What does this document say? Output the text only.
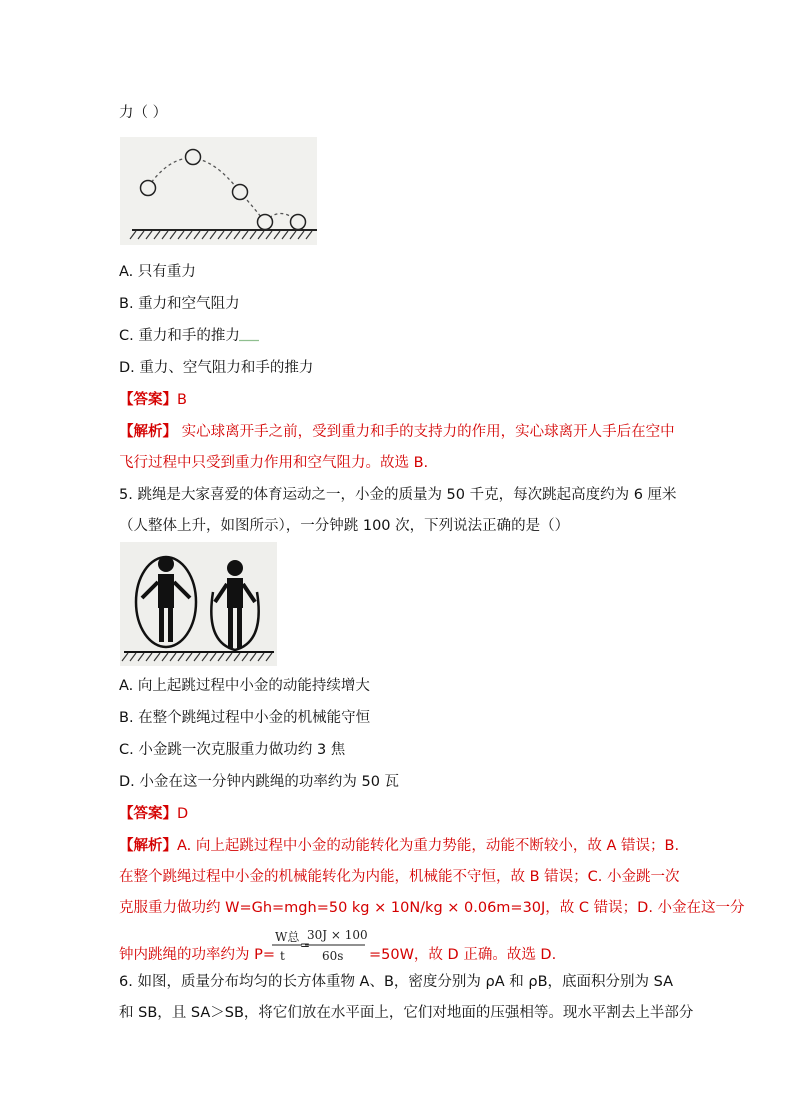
力（ ）
A. 只有重力
B. 重力和空气阻力
C. 重力和手的推力
D. 重力、空气阻力和手的推力
【答案】B
【解析】 实心球离开手之前，受到重力和手的支持力的作用，实心球离开人手后在空中
飞行过程中只受到重力作用和空气阻力。故选 B.
5. 跳绳是大家喜爱的体育运动之一，小金的质量为 50 千克，每次跳起高度约为 6 厘米
（人整体上升，如图所示），一分钟跳 100 次，下列说法正确的是（）
A. 向上起跳过程中小金的动能持续增大
B. 在整个跳绳过程中小金的机械能守恒
C. 小金跳一次克服重力做功约 3 焦
D. 小金在这一分钟内跳绳的功率约为 50 瓦
【答案】D
【解析】A. 向上起跳过程中小金的动能转化为重力势能，动能不断较小，故 A 错误；B.
在整个跳绳过程中小金的机械能转化为内能，机械能不守恒，故 B 错误；C. 小金跳一次
克服重力做功约 W=Gh=mgh=50 kg × 10N/kg × 0.06m=30J，故 C 错误；D. 小金在这一分
钟内跳绳的功率约为 P=
W总
t
=
30J × 100
60s =50W，故 D 正确。故选 D.
6. 如图，质量分布均匀的长方体重物 A、B，密度分别为 ρA 和 ρB，底面积分别为 SA
和 SB，且 SA＞SB，将它们放在水平面上，它们对地面的压强相等。现水平割去上半部分
